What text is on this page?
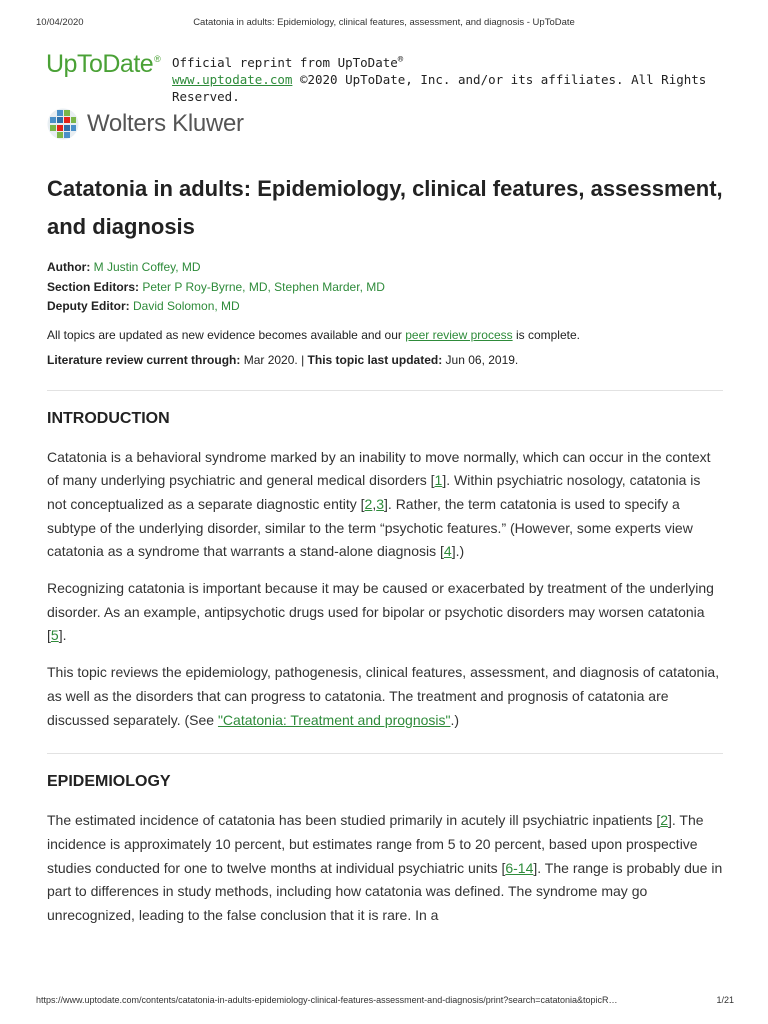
10/04/2020	Catatonia in adults: Epidemiology, clinical features, assessment, and diagnosis - UpToDate
UpToDate® Official reprint from UpToDate®
www.uptodate.com ©2020 UpToDate, Inc. and/or its affiliates. All Rights Reserved.
Wolters Kluwer
Catatonia in adults: Epidemiology, clinical features, assessment, and diagnosis
Author: M Justin Coffey, MD
Section Editors: Peter P Roy-Byrne, MD, Stephen Marder, MD
Deputy Editor: David Solomon, MD
All topics are updated as new evidence becomes available and our peer review process is complete.
Literature review current through: Mar 2020. | This topic last updated: Jun 06, 2019.
INTRODUCTION

Catatonia is a behavioral syndrome marked by an inability to move normally, which can occur in the context of many underlying psychiatric and general medical disorders [1]. Within psychiatric nosology, catatonia is not conceptualized as a separate diagnostic entity [2,3]. Rather, the term catatonia is used to specify a subtype of the underlying disorder, similar to the term “psychotic features.” (However, some experts view catatonia as a syndrome that warrants a stand-alone diagnosis [4].)

Recognizing catatonia is important because it may be caused or exacerbated by treatment of the underlying disorder. As an example, antipsychotic drugs used for bipolar or psychotic disorders may worsen catatonia [5].

This topic reviews the epidemiology, pathogenesis, clinical features, assessment, and diagnosis of catatonia, as well as the disorders that can progress to catatonia. The treatment and prognosis of catatonia are discussed separately. (See "Catatonia: Treatment and prognosis".)

EPIDEMIOLOGY

The estimated incidence of catatonia has been studied primarily in acutely ill psychiatric inpatients [2]. The incidence is approximately 10 percent, but estimates range from 5 to 20 percent, based upon prospective studies conducted for one to twelve months at individual psychiatric units [6-14]. The range is probably due in part to differences in study methods, including how catatonia was defined. The syndrome may go unrecognized, leading to the false conclusion that it is rare. In a

https://www.uptodate.com/contents/catatonia-in-adults-epidemiology-clinical-features-assessment-and-diagnosis/print?search=catatonia&topicR…	1/21
